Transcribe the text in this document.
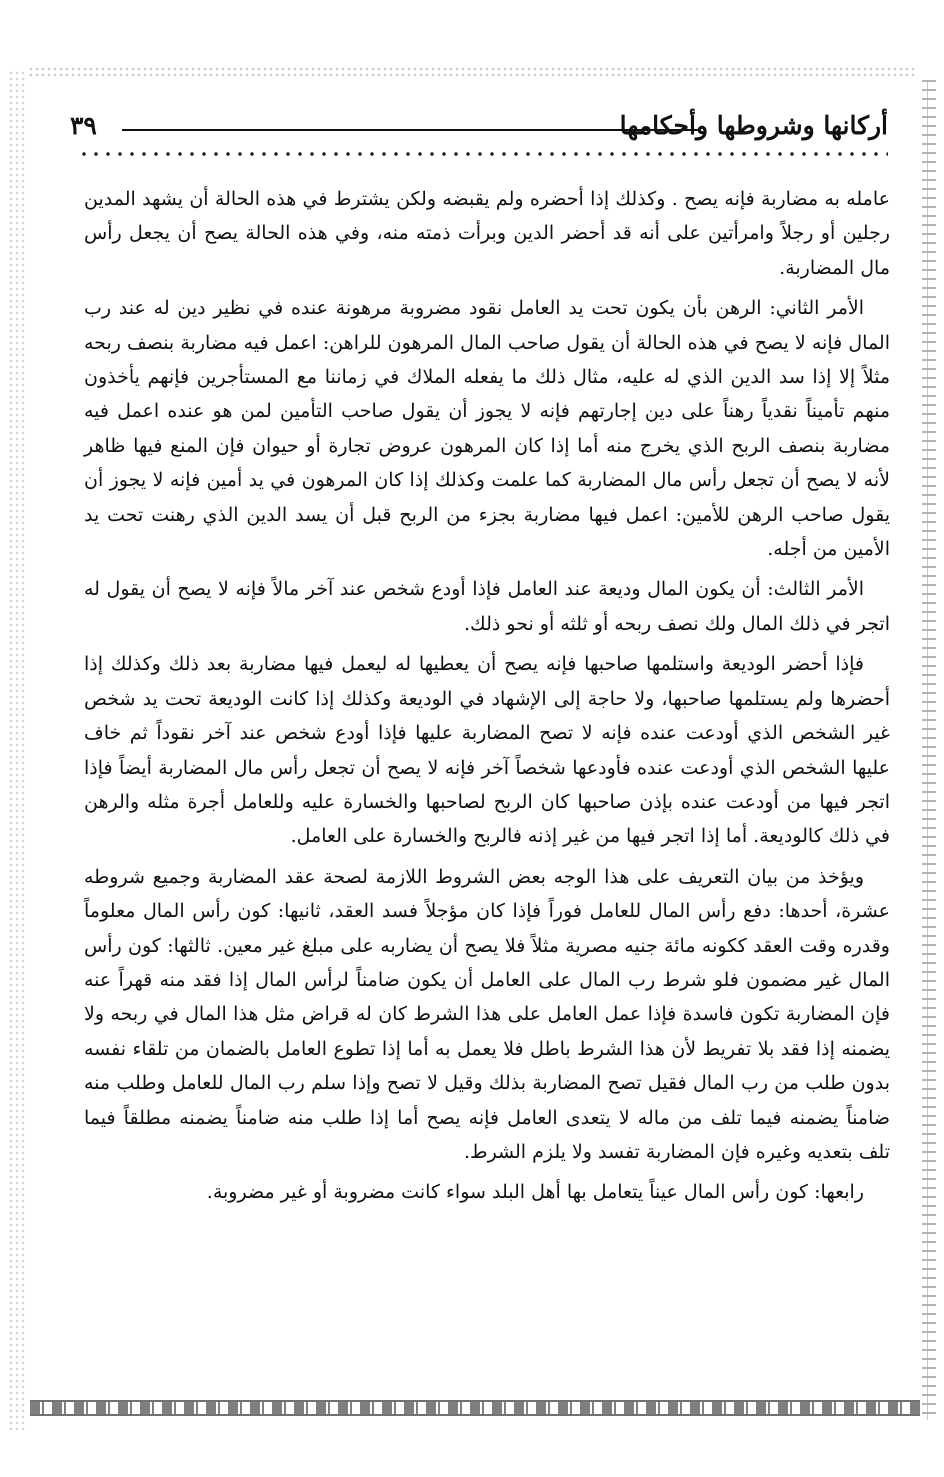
أركانها وشروطها وأحكامها
٣٩

عامله به مضاربة فإنه يصح . وكذلك إذا أحضره ولم يقبضه ولكن يشترط في هذه الحالة أن يشهد المدين رجلين أو رجلاً وامرأتين على أنه قد أحضر الدين وبرأت ذمته منه، وفي هذه الحالة يصح أن يجعل رأس مال المضاربة.

الأمر الثاني: الرهن بأن يكون تحت يد العامل نقود مضروبة مرهونة عنده في نظير دين له عند رب المال فإنه لا يصح في هذه الحالة أن يقول صاحب المال المرهون للراهن: اعمل فيه مضاربة بنصف ربحه مثلاً إلا إذا سد الدين الذي له عليه، مثال ذلك ما يفعله الملاك في زماننا مع المستأجرين فإنهم يأخذون منهم تأميناً نقدياً رهناً على دين إجارتهم فإنه لا يجوز أن يقول صاحب التأمين لمن هو عنده اعمل فيه مضاربة بنصف الربح الذي يخرج منه أما إذا كان المرهون عروض تجارة أو حيوان فإن المنع فيها ظاهر لأنه لا يصح أن تجعل رأس مال المضاربة كما علمت وكذلك إذا كان المرهون في يد أمين فإنه لا يجوز أن يقول صاحب الرهن للأمين: اعمل فيها مضاربة بجزء من الربح قبل أن يسد الدين الذي رهنت تحت يد الأمين من أجله.

الأمر الثالث: أن يكون المال وديعة عند العامل فإذا أودع شخص عند آخر مالاً فإنه لا يصح أن يقول له اتجر في ذلك المال ولك نصف ربحه أو ثلثه أو نحو ذلك.

فإذا أحضر الوديعة واستلمها صاحبها فإنه يصح أن يعطيها له ليعمل فيها مضاربة بعد ذلك وكذلك إذا أحضرها ولم يستلمها صاحبها، ولا حاجة إلى الإشهاد في الوديعة وكذلك إذا كانت الوديعة تحت يد شخص غير الشخص الذي أودعت عنده فإنه لا تصح المضاربة عليها فإذا أودع شخص عند آخر نقوداً ثم خاف عليها الشخص الذي أودعت عنده فأودعها شخصاً آخر فإنه لا يصح أن تجعل رأس مال المضاربة أيضاً فإذا اتجر فيها من أودعت عنده بإذن صاحبها كان الربح لصاحبها والخسارة عليه وللعامل أجرة مثله والرهن في ذلك كالوديعة. أما إذا اتجر فيها من غير إذنه فالربح والخسارة على العامل.

ويؤخذ من بيان التعريف على هذا الوجه بعض الشروط اللازمة لصحة عقد المضاربة وجميع شروطه عشرة، أحدها: دفع رأس المال للعامل فوراً فإذا كان مؤجلاً فسد العقد، ثانيها: كون رأس المال معلوماً وقدره وقت العقد ككونه مائة جنيه مصرية مثلاً فلا يصح أن يضاربه على مبلغ غير معين. ثالثها: كون رأس المال غير مضمون فلو شرط رب المال على العامل أن يكون ضامناً لرأس المال إذا فقد منه قهراً عنه فإن المضاربة تكون فاسدة فإذا عمل العامل على هذا الشرط كان له قراض مثل هذا المال في ربحه ولا يضمنه إذا فقد بلا تفريط لأن هذا الشرط باطل فلا يعمل به أما إذا تطوع العامل بالضمان من تلقاء نفسه بدون طلب من رب المال فقيل تصح المضاربة بذلك وقيل لا تصح وإذا سلم رب المال للعامل وطلب منه ضامناً يضمنه فيما تلف من ماله لا يتعدى العامل فإنه يصح أما إذا طلب منه ضامناً يضمنه مطلقاً فيما تلف بتعديه وغيره فإن المضاربة تفسد ولا يلزم الشرط.

رابعها: كون رأس المال عيناً يتعامل بها أهل البلد سواء كانت مضروبة أو غير مضروبة.
